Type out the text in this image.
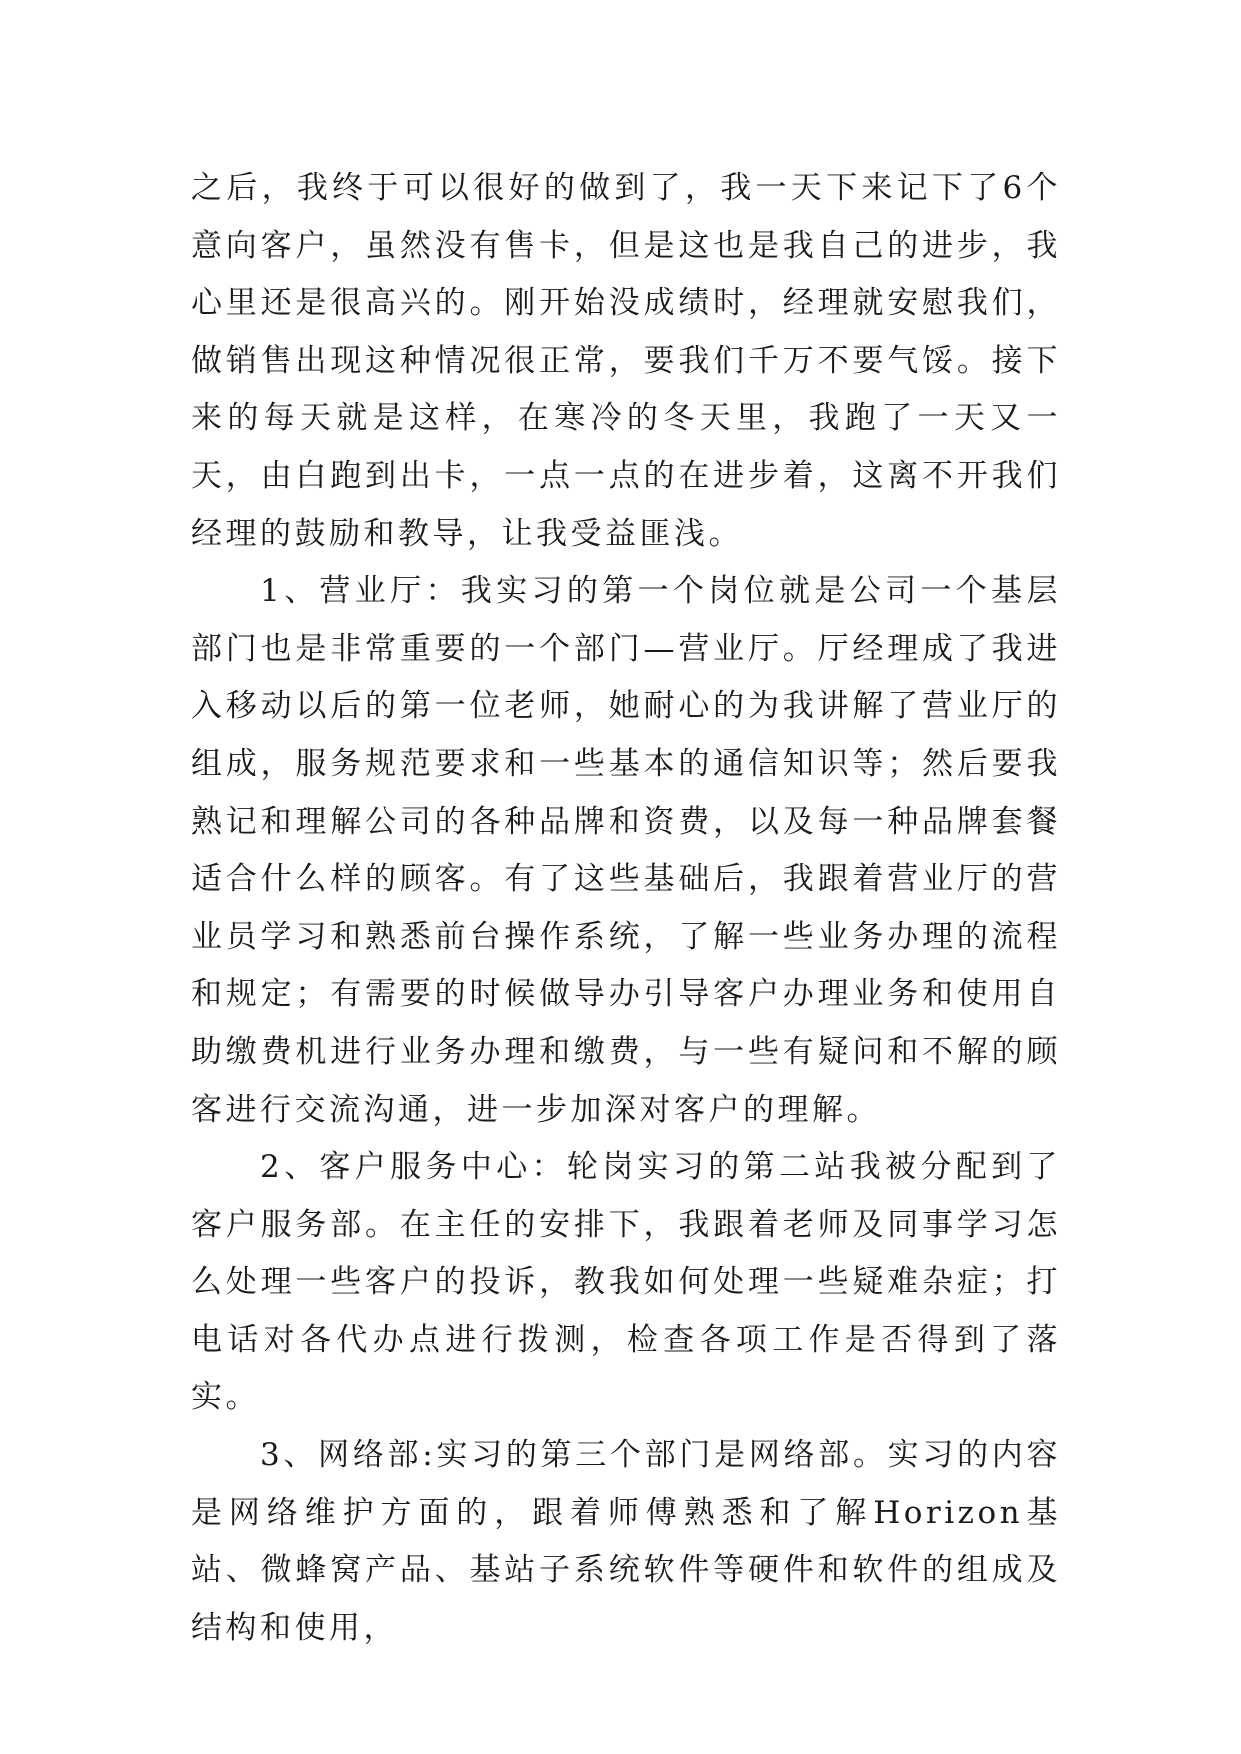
之后，我终于可以很好的做到了，我一天下来记下了6个意向客户，虽然没有售卡，但是这也是我自己的进步，我心里还是很高兴的。刚开始没成绩时，经理就安慰我们，做销售出现这种情况很正常，要我们千万不要气馁。接下来的每天就是这样，在寒冷的冬天里，我跑了一天又一天，由白跑到出卡，一点一点的在进步着，这离不开我们经理的鼓励和教导，让我受益匪浅。

1、营业厅：我实习的第一个岗位就是公司一个基层部门也是非常重要的一个部门—营业厅。厅经理成了我进入移动以后的第一位老师，她耐心的为我讲解了营业厅的组成，服务规范要求和一些基本的通信知识等；然后要我熟记和理解公司的各种品牌和资费，以及每一种品牌套餐适合什么样的顾客。有了这些基础后，我跟着营业厅的营业员学习和熟悉前台操作系统，了解一些业务办理的流程和规定；有需要的时候做导办引导客户办理业务和使用自助缴费机进行业务办理和缴费，与一些有疑问和不解的顾客进行交流沟通，进一步加深对客户的理解。

2、客户服务中心：轮岗实习的第二站我被分配到了客户服务部。在主任的安排下，我跟着老师及同事学习怎么处理一些客户的投诉，教我如何处理一些疑难杂症；打电话对各代办点进行拨测，检查各项工作是否得到了落实。

3、网络部:实习的第三个部门是网络部。实习的内容是网络维护方面的，跟着师傅熟悉和了解Horizon基站、微蜂窝产品、基站子系统软件等硬件和软件的组成及结构和使用，
